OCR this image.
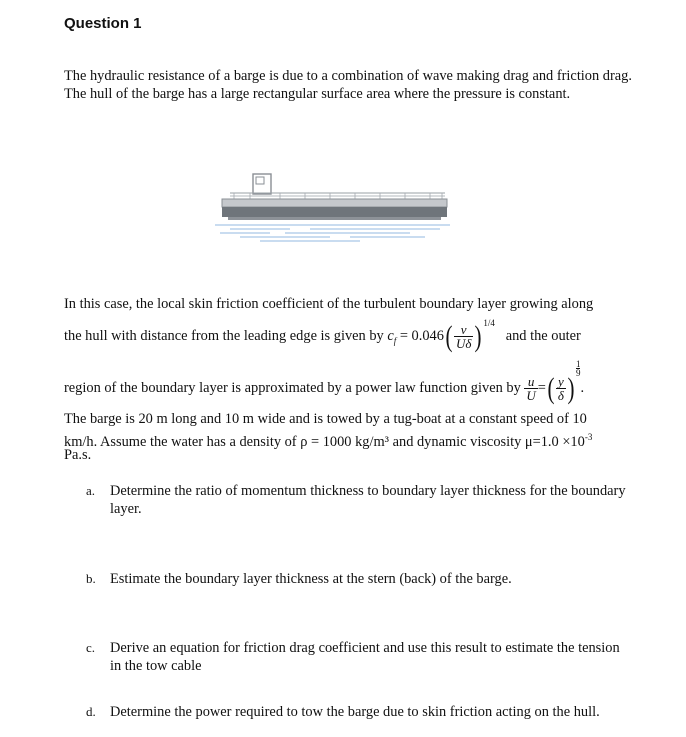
Question 1
The hydraulic resistance of a barge is due to a combination of wave making drag and friction drag. The hull of the barge has a large rectangular surface area where the pressure is constant.
In this case, the local skin friction coefficient of the turbulent boundary layer growing along
the hull with distance from the leading edge is given by $c_f = 0.046( \frac{\nu}{U\delta}$ ) $^{1/4}$   and the outer
region of the boundary layer is approximated by a power law function given by $\frac{u}{U}$ =( $\frac{y}{\delta}$ )
$^{\frac{1}{9}}$
.
The barge is 20 m long and 10 m wide and is towed by a tug-boat at a constant speed of 10
km/h. Assume the water has a density of ρ = 1000 kg/m³ and dynamic viscosity $\mu=1.0 \times 10^{-3}$
Pa.s.
a. Determine the ratio of momentum thickness to boundary layer thickness for the boundary layer.
b. Estimate the boundary layer thickness at the stern (back) of the barge.
c. Derive an equation for friction drag coefficient and use this result to estimate the tension in the tow cable
d. Determine the power required to tow the barge due to skin friction acting on the hull.
